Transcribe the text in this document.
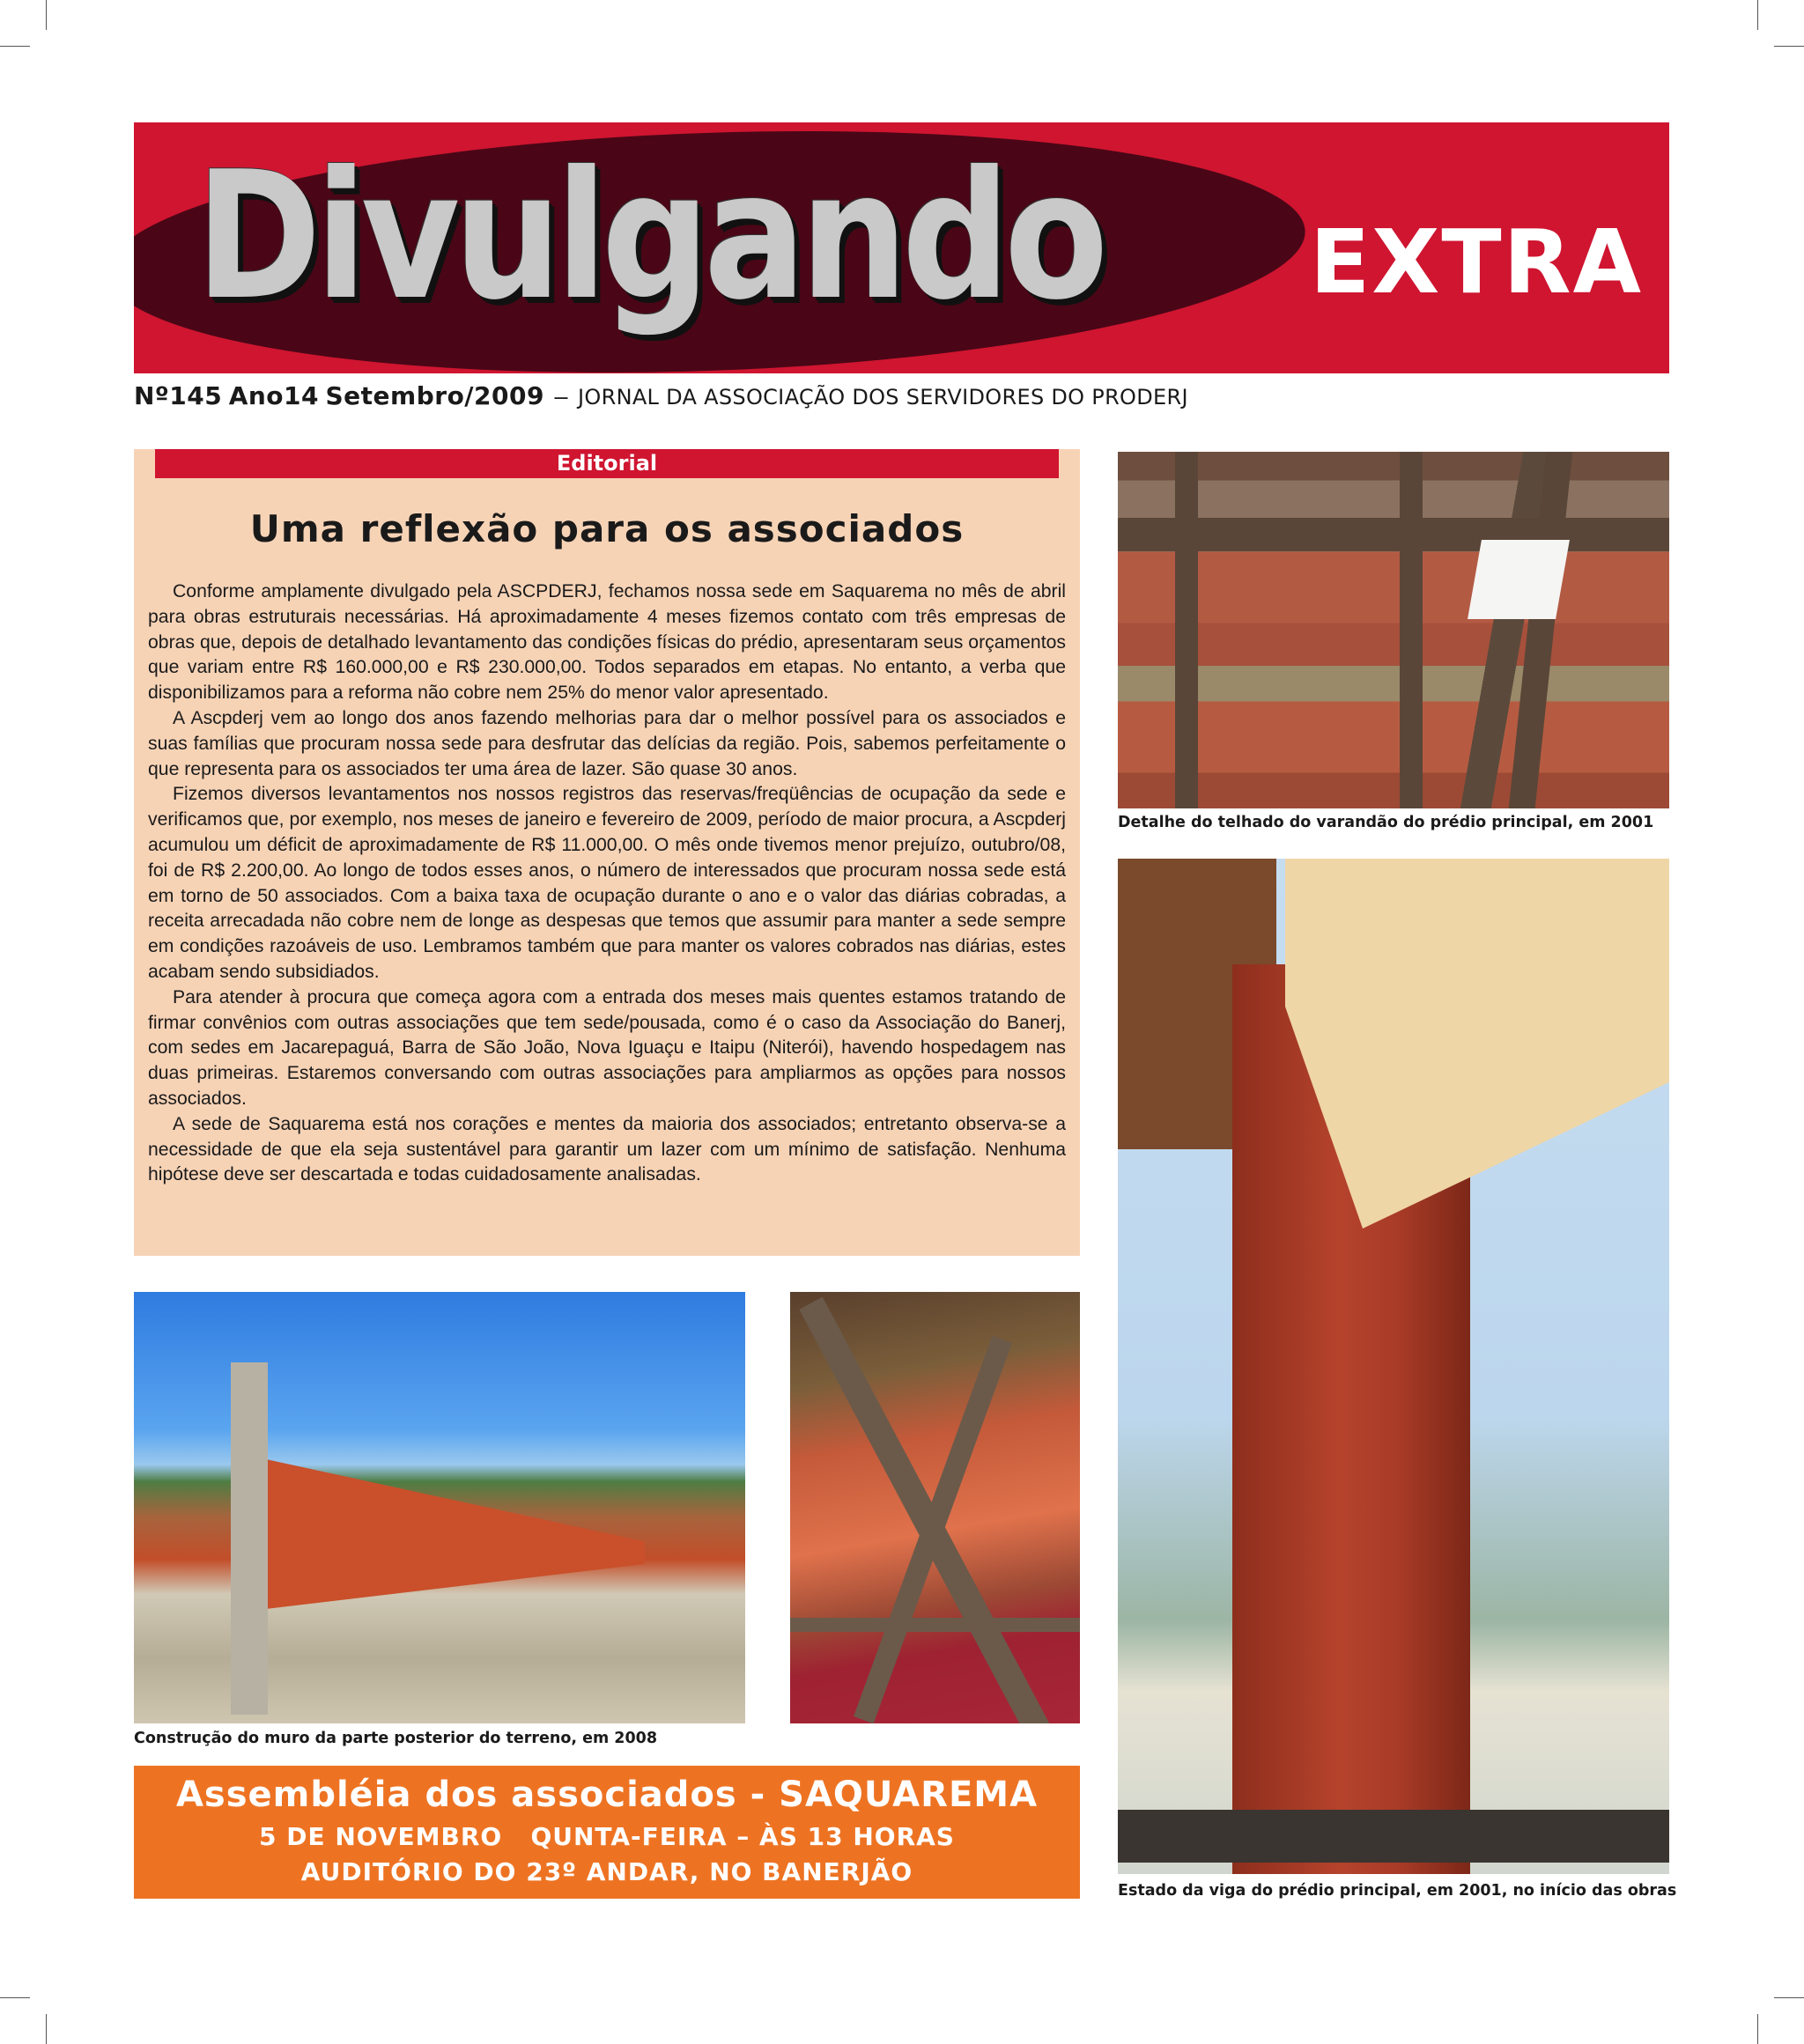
Divulgando EXTRA
Nº145 Ano14 Setembro/2009 – JORNAL DA ASSOCIAÇÃO DOS SERVIDORES DO PRODERJ
Editorial
Uma reflexão para os associados

Conforme amplamente divulgado pela ASCPDERJ, fechamos nossa sede em Saquarema no mês de abril para obras estruturais necessárias. Há aproximadamente 4 meses fizemos contato com três empresas de obras que, depois de detalhado levantamento das condições físicas do prédio, apresentaram seus orçamentos que variam entre R$ 160.000,00 e R$ 230.000,00. Todos separados em etapas. No entanto, a verba que disponibilizamos para a reforma não cobre nem 25% do menor valor apresentado.

A Ascpderj vem ao longo dos anos fazendo melhorias para dar o melhor possível para os associados e suas famílias que procuram nossa sede para desfrutar das delícias da região. Pois, sabemos perfeitamente o que representa para os associados ter uma área de lazer. São quase 30 anos.

Fizemos diversos levantamentos nos nossos registros das reservas/freqüências de ocupação da sede e verificamos que, por exemplo, nos meses de janeiro e fevereiro de 2009, período de maior procura, a Ascpderj acumulou um déficit de aproximadamente de R$ 11.000,00. O mês onde tivemos menor prejuízo, outubro/08, foi de R$ 2.200,00. Ao longo de todos esses anos, o número de interessados que procuram nossa sede está em torno de 50 associados. Com a baixa taxa de ocupação durante o ano e o valor das diárias cobradas, a receita arrecadada não cobre nem de longe as despesas que temos que assumir para manter a sede sempre em condições razoáveis de uso. Lembramos também que para manter os valores cobrados nas diárias, estes acabam sendo subsidiados.

Para atender à procura que começa agora com a entrada dos meses mais quentes estamos tratando de firmar convênios com outras associações que tem sede/pousada, como é o caso da Associação do Banerj, com sedes em Jacarepaguá, Barra de São João, Nova Iguaçu e Itaipu (Niterói), havendo hospedagem nas duas primeiras. Estaremos conversando com outras associações para ampliarmos as opções para nossos associados.

A sede de Saquarema está nos corações e mentes da maioria dos associados; entretanto observa-se a necessidade de que ela seja sustentável para garantir um lazer com um mínimo de satisfação. Nenhuma hipótese deve ser descartada e todas cuidadosamente analisadas.

Detalhe do telhado do varandão do prédio principal, em 2001
Estado da viga do prédio principal, em 2001, no início das obras
Construção do muro da parte posterior do terreno, em 2008
Assembléia dos associados - SAQUAREMA
5 DE NOVEMBRO   QUNTA-FEIRA – ÀS 13 HORAS
AUDITÓRIO DO 23º ANDAR, NO BANERJÃO
